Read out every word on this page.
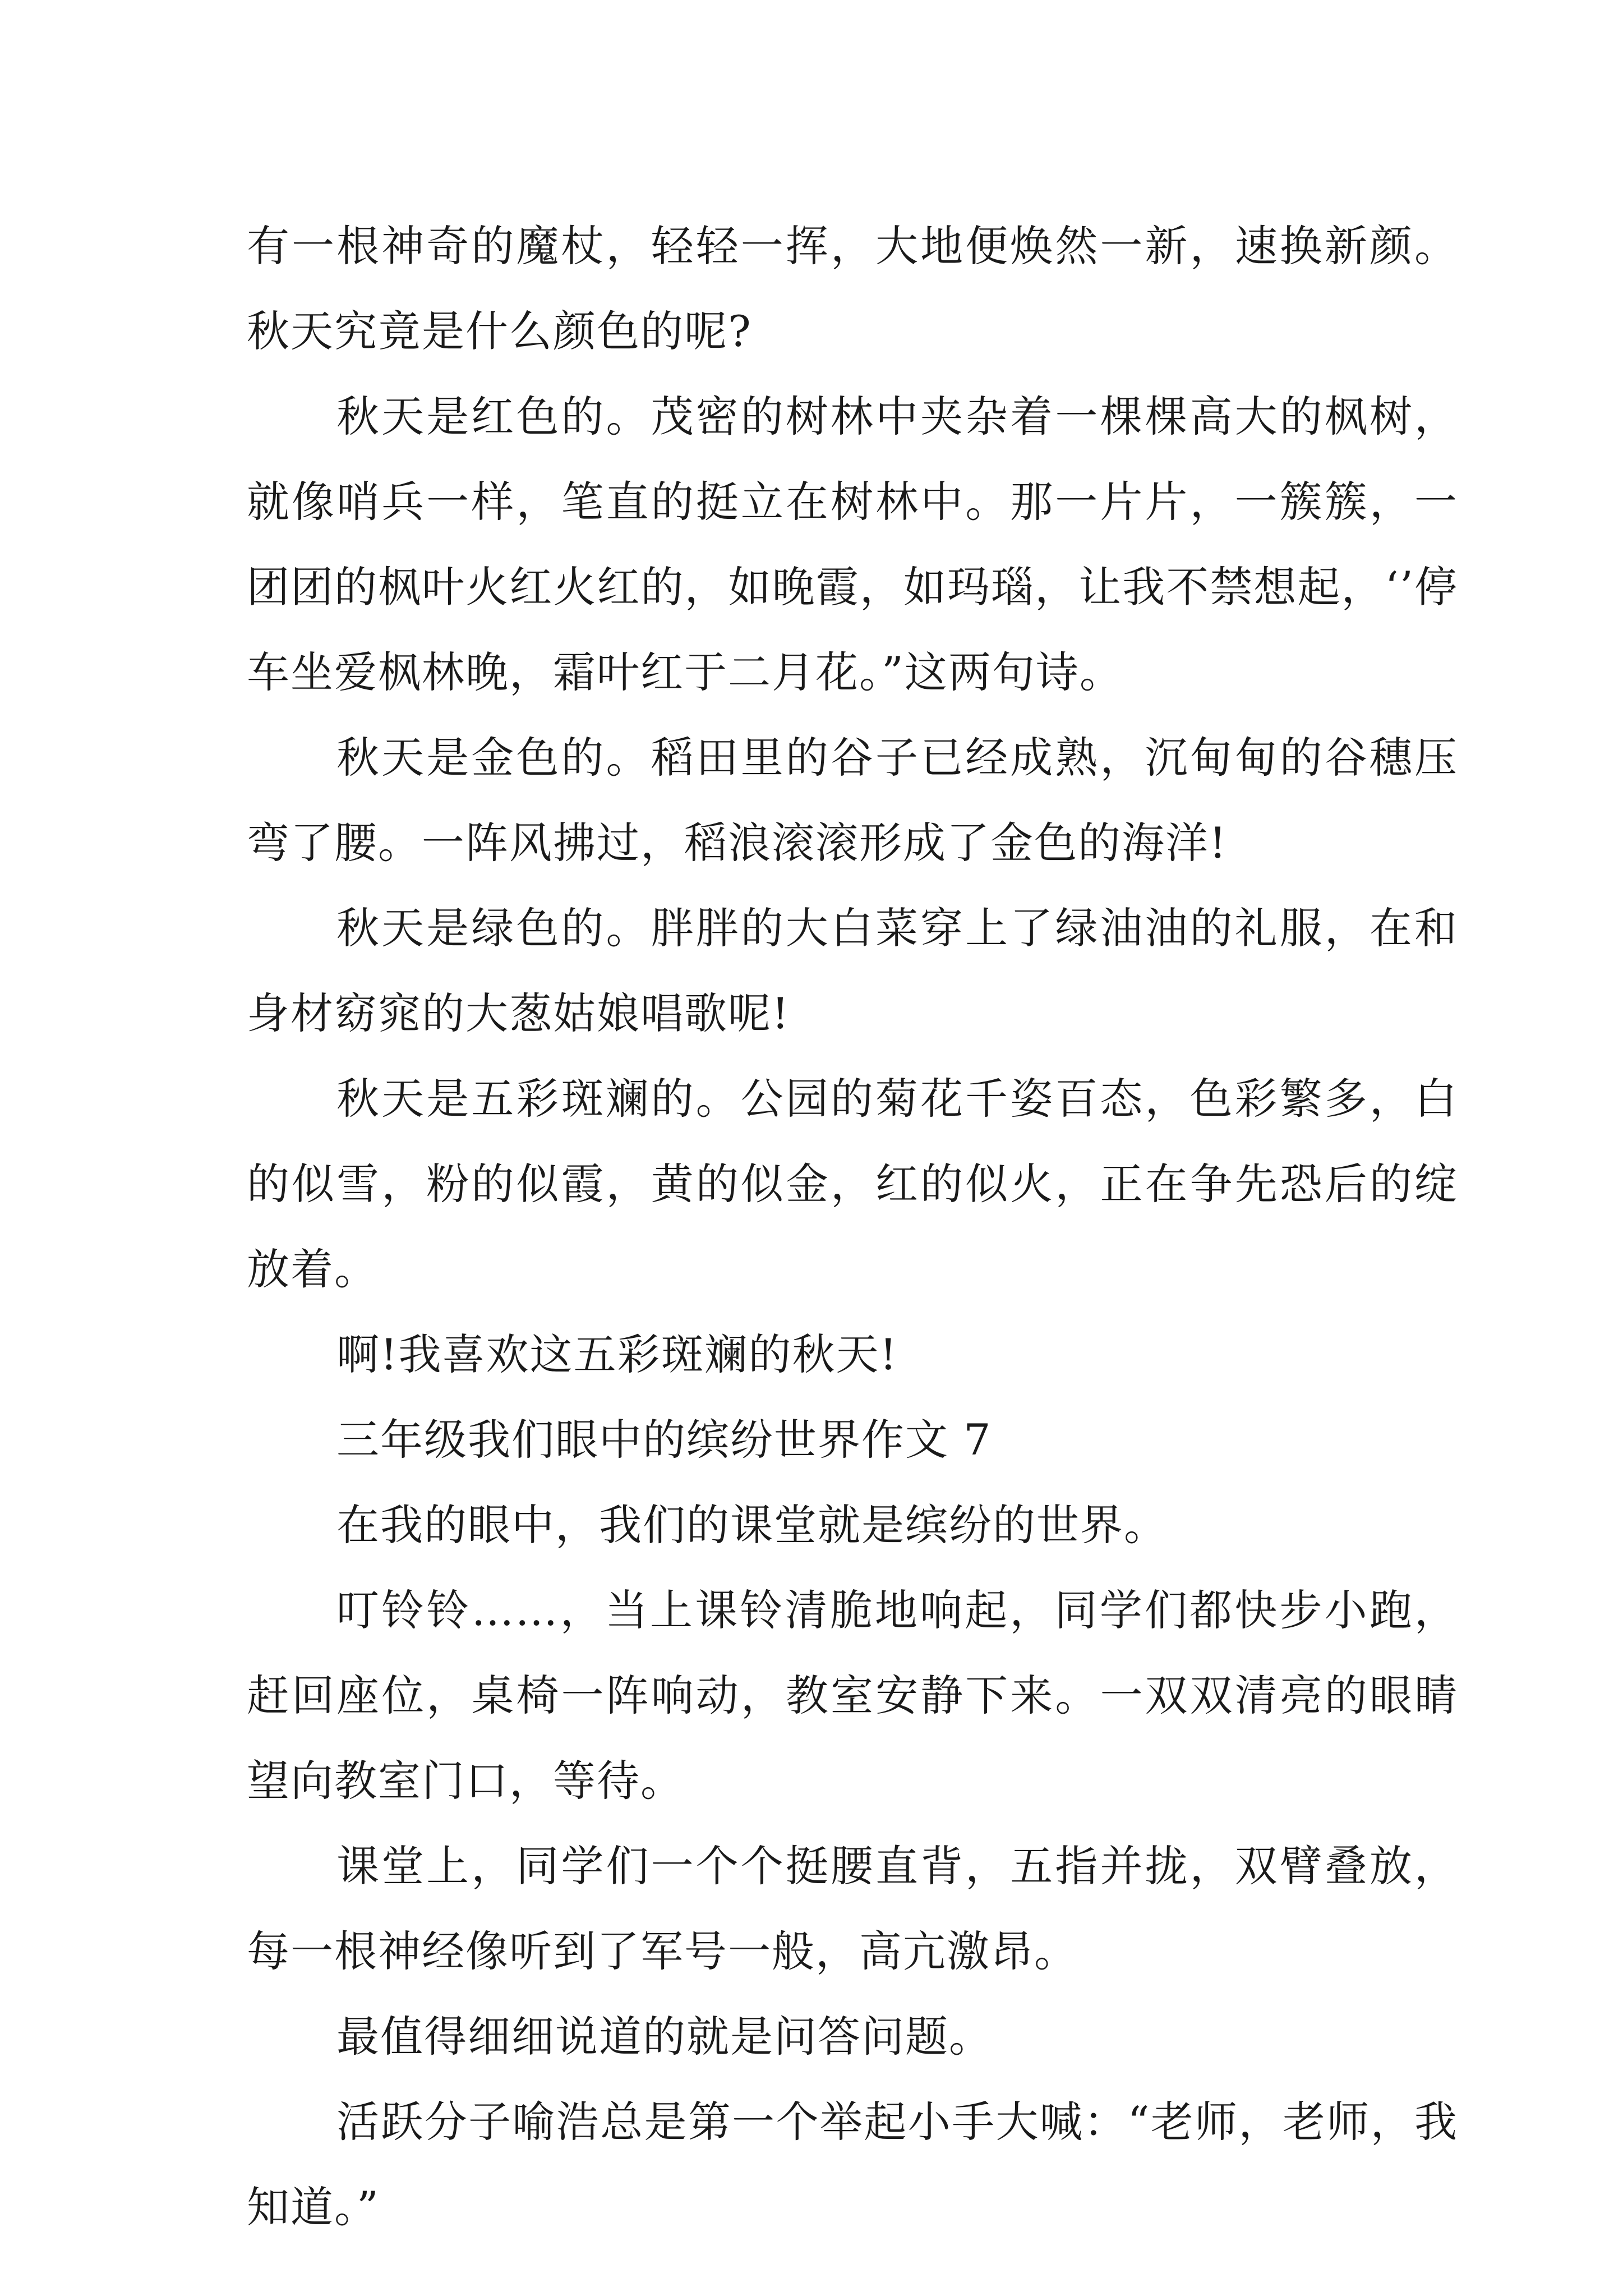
有一根神奇的魔杖，轻轻一挥，大地便焕然一新，速换新颜。秋天究竟是什么颜色的呢?

秋天是红色的。茂密的树林中夹杂着一棵棵高大的枫树，就像哨兵一样，笔直的挺立在树林中。那一片片，一簇簇，一团团的枫叶火红火红的，如晚霞，如玛瑙，让我不禁想起，‘’停车坐爱枫林晚，霜叶红于二月花。”这两句诗。

秋天是金色的。稻田里的谷子已经成熟，沉甸甸的谷穗压弯了腰。一阵风拂过，稻浪滚滚形成了金色的海洋!

秋天是绿色的。胖胖的大白菜穿上了绿油油的礼服，在和身材窈窕的大葱姑娘唱歌呢!

秋天是五彩斑斓的。公园的菊花千姿百态，色彩繁多，白的似雪，粉的似霞，黄的似金，红的似火，正在争先恐后的绽放着。

啊!我喜欢这五彩斑斓的秋天!

三年级我们眼中的缤纷世界作文 7

在我的眼中，我们的课堂就是缤纷的世界。

叮铃铃……，当上课铃清脆地响起，同学们都快步小跑，赶回座位，桌椅一阵响动，教室安静下来。一双双清亮的眼睛望向教室门口，等待。

课堂上，同学们一个个挺腰直背，五指并拢，双臂叠放，每一根神经像听到了军号一般，高亢激昂。

最值得细细说道的就是问答问题。

活跃分子喻浩总是第一个举起小手大喊：“老师，老师，我知道。”
